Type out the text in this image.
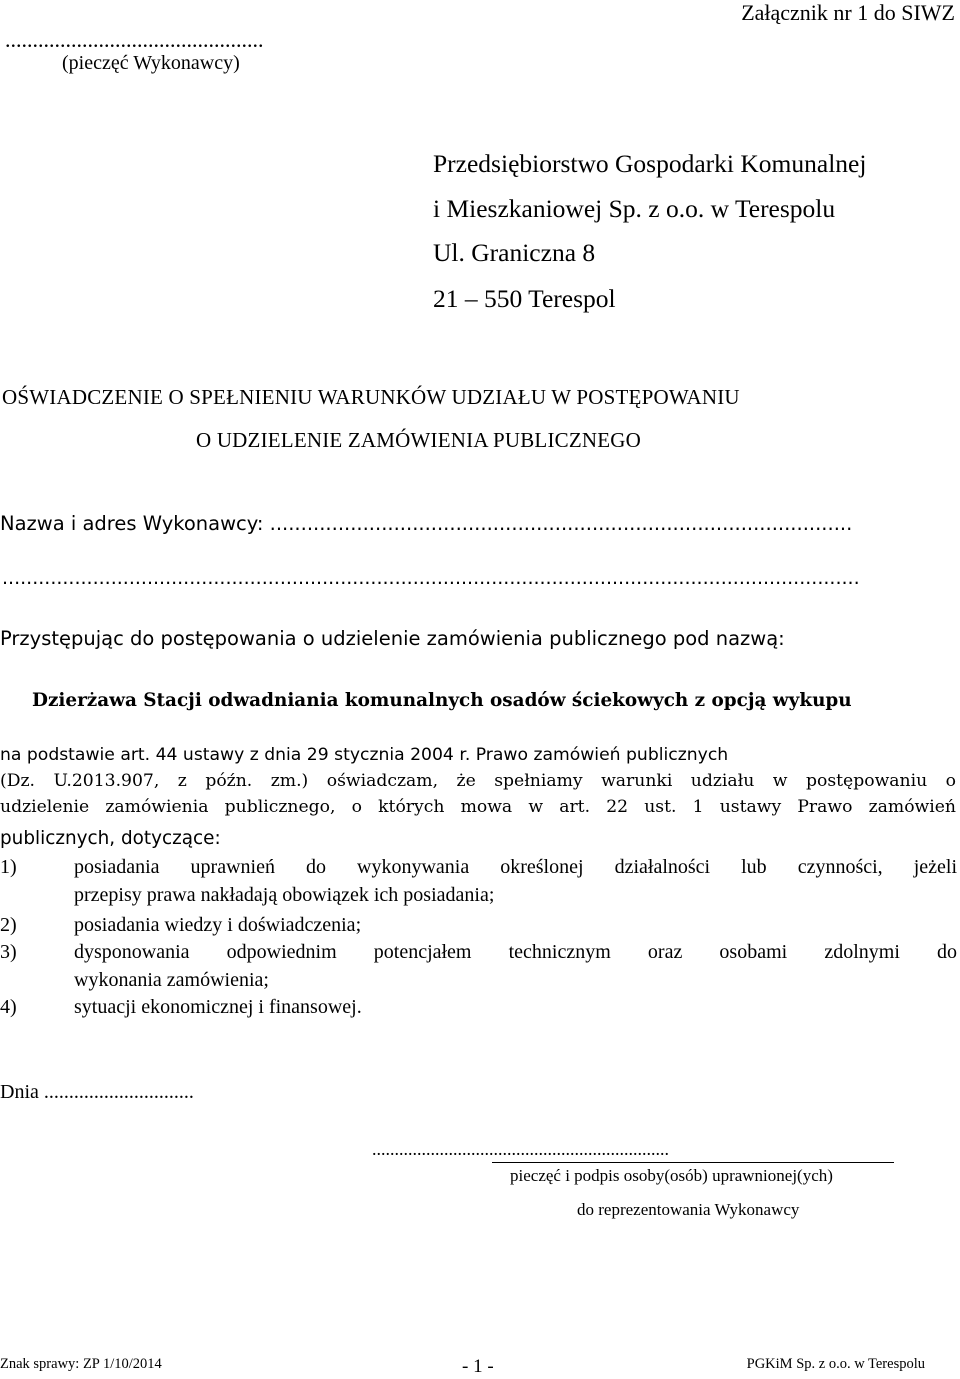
Załącznik nr 1 do SIWZ
...............................................
(pieczęć Wykonawcy)
Przedsiębiorstwo Gospodarki Komunalnej
i Mieszkaniowej Sp. z o.o. w Terespolu
Ul. Graniczna 8
21 – 550 Terespol
OŚWIADCZENIE O SPEŁNIENIU WARUNKÓW UDZIAŁU W POSTĘPOWANIU
O UDZIELENIE ZAMÓWIENIA PUBLICZNEGO
Nazwa i adres Wykonawcy: ..............................................................................................
..............................................................................................................................................
Przystępując do postępowania o udzielenie zamówienia publicznego pod nazwą:
Dzierżawa Stacji odwadniania komunalnych osadów ściekowych z opcją wykupu
na podstawie art. 44 ustawy z dnia 29 stycznia 2004 r. Prawo zamówień publicznych
(Dz. U.2013.907, z późn. zm.) oświadczam, że spełniamy warunki udziału w postępowaniu o
udzielenie zamówienia publicznego, o których mowa w art. 22 ust. 1 ustawy Prawo zamówień
publicznych, dotyczące:
1)	posiadania uprawnień do wykonywania określonej działalności lub czynności, jeżeli
przepisy prawa nakładają obowiązek ich posiadania;
2)	posiadania wiedzy i doświadczenia;
3)	dysponowania odpowiednim potencjałem technicznym oraz osobami zdolnymi do
wykonania zamówienia;
4)	sytuacji ekonomicznej i finansowej.
Dnia ..............................
..................................................................
pieczęć i podpis osoby(osób) uprawnionej(ych)
do reprezentowania Wykonawcy
Znak sprawy: ZP 1/10/2014	- 1 -	PGKiM Sp. z o.o. w Terespolu
